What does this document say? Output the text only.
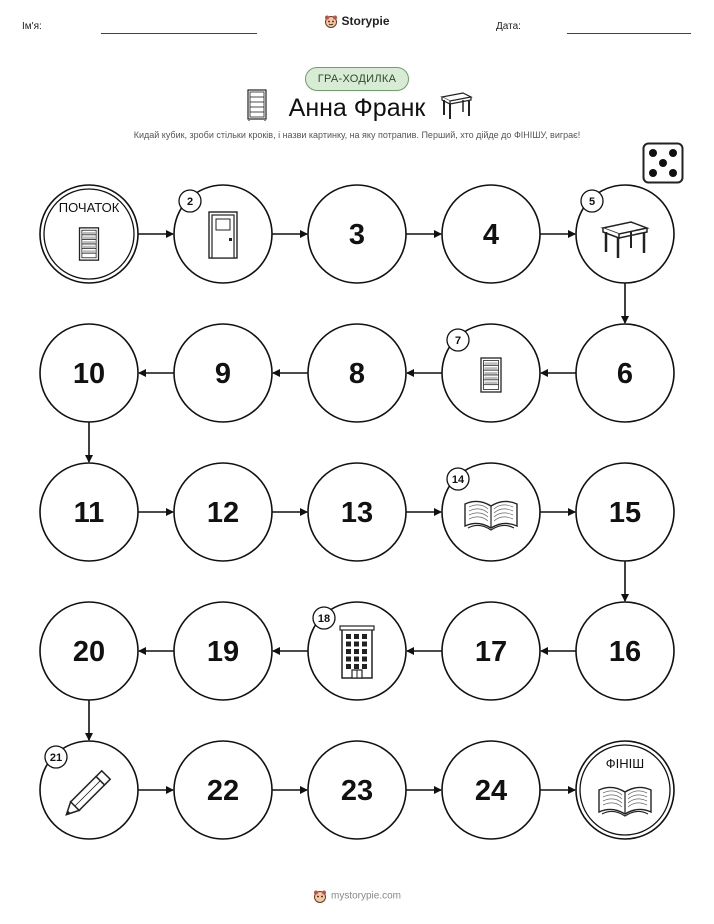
Ім'я:	Дата:
Storypie
ГРА-ХОДИЛКА
Анна Франк
Кидай кубик, зроби стільки кроків, і назви картинку, на яку потрапив. Перший, хто дійде до ФІНІШУ, виграє!
ПОЧАТОК	2
3	4
5
6
7
8
9
10
11	12	13
14
15
16
17
18
19
20
21
22	23	24
ФІНІШ
mystorypie.com
